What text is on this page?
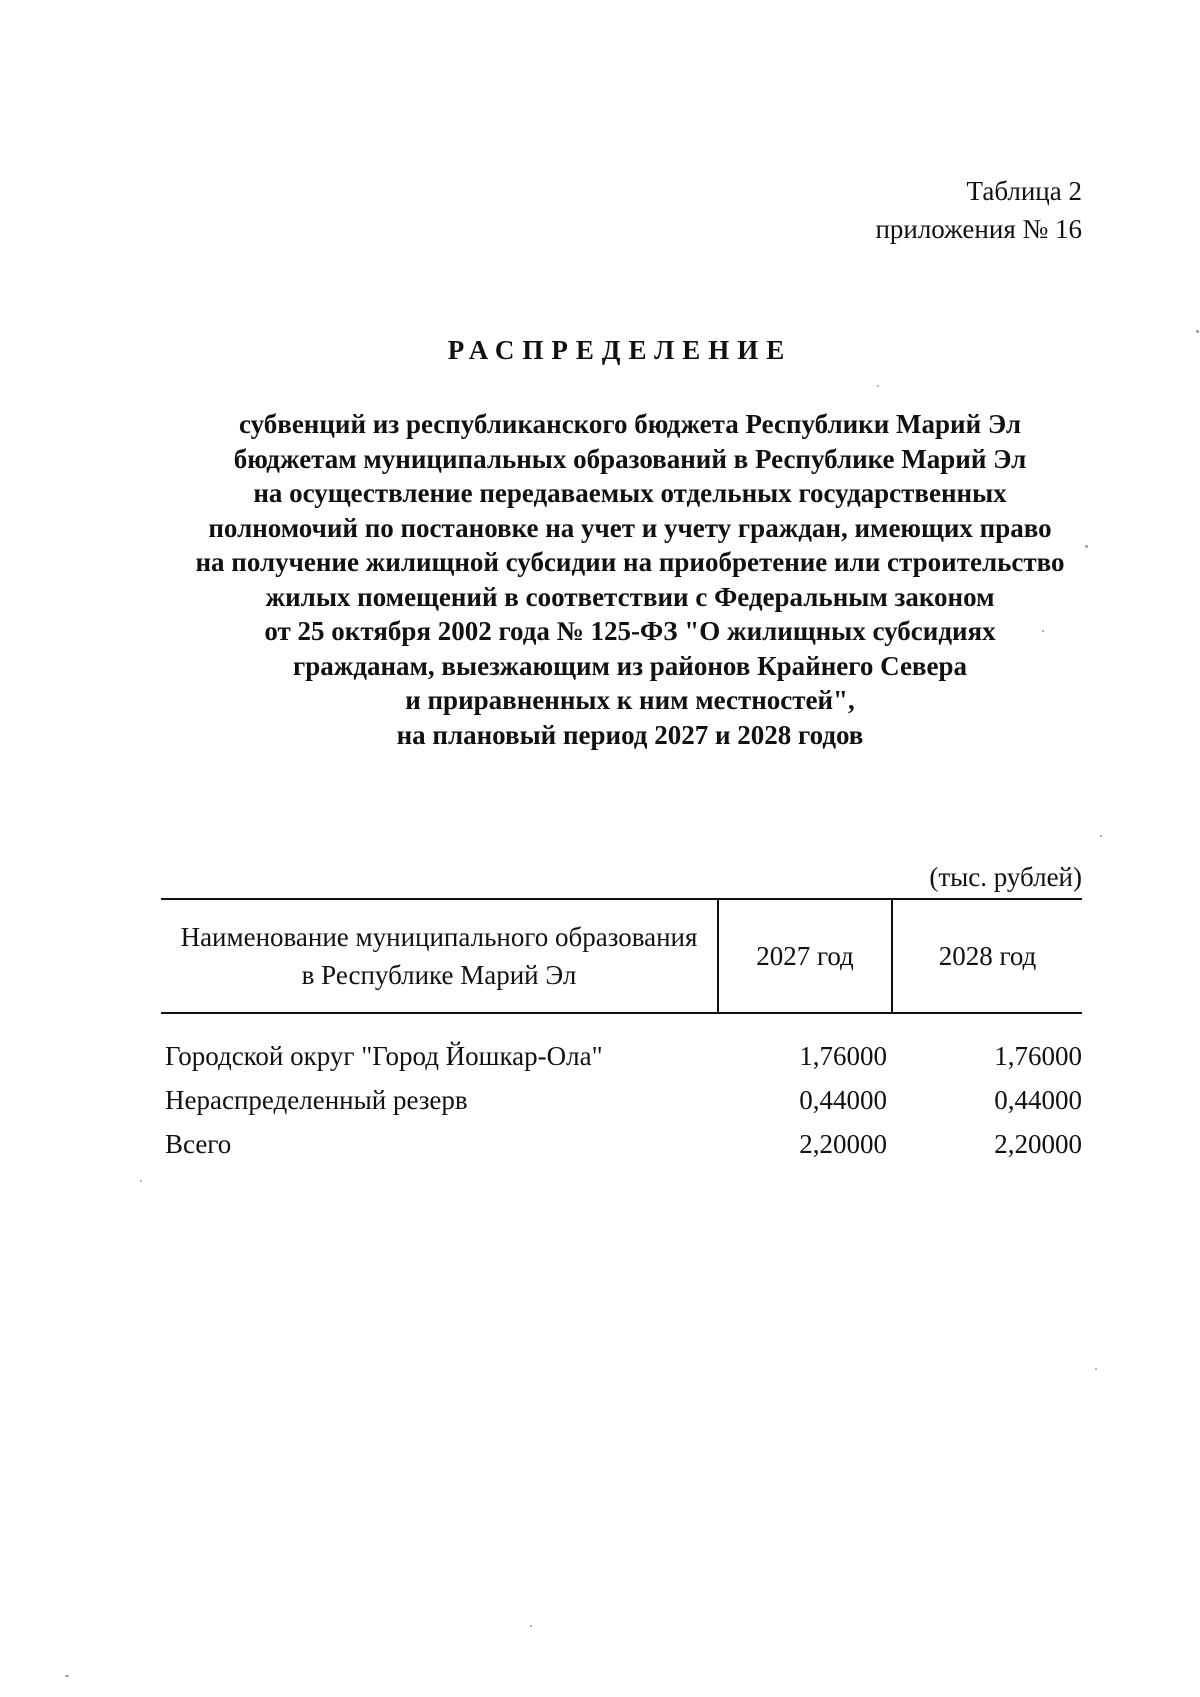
Таблица 2
приложения № 16
РАСПРЕДЕЛЕНИЕ
субвенций из республиканского бюджета Республики Марий Эл
бюджетам муниципальных образований в Республике Марий Эл
на осуществление передаваемых отдельных государственных
полномочий по постановке на учет и учету граждан, имеющих право
на получение жилищной субсидии на приобретение или строительство
жилых помещений в соответствии с Федеральным законом
от 25 октября 2002 года № 125-ФЗ "О жилищных субсидиях
гражданам, выезжающим из районов Крайнего Севера
и приравненных к ним местностей",
на плановый период 2027 и 2028 годов
(тыс. рублей)
Наименование муниципального образования
в Республике Марий Эл
2027 год	2028 год
Городской округ "Город Йошкар-Ола"	1,76000	1,76000
Нераспределенный резерв	0,44000	0,44000
Всего	2,20000	2,20000
